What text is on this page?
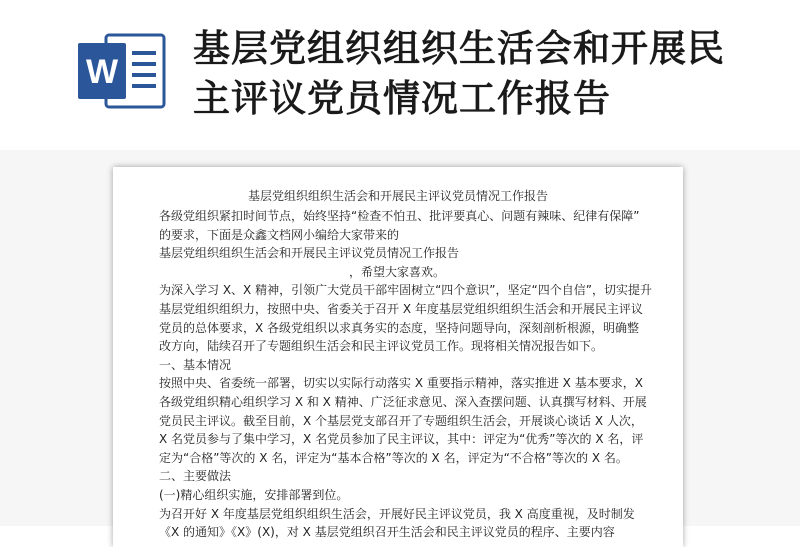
W
基层党组织组织生活会和开展民
主评议党员情况工作报告
基层党组织组织生活会和开展民主评议党员情况工作报告

各级党组织紧扣时间节点，始终坚持“检查不怕丑、批评要真心、问题有辣味、纪律有保障”

的要求，下面是众鑫文档网小编给大家带来的

基层党组织组织生活会和开展民主评议党员情况工作报告

，希望大家喜欢。

为深入学习 X、X 精神，引领广大党员干部牢固树立“四个意识”，坚定“四个自信”，切实提升

基层党组织组织力，按照中央、省委关于召开 X 年度基层党组织组织生活会和开展民主评议

党员的总体要求，X 各级党组织以求真务实的态度，坚持问题导向，深刻剖析根源，明确整

改方向，陆续召开了专题组织生活会和民主评议党员工作。现将相关情况报告如下。

一、基本情况

按照中央、省委统一部署，切实以实际行动落实 X 重要指示精神，落实推进 X 基本要求，X

各级党组织精心组织学习 X 和 X 精神、广泛征求意见、深入查摆问题、认真撰写材料、开展

党员民主评议。截至目前，X 个基层党支部召开了专题组织生活会，开展谈心谈话 X 人次，

X 名党员参与了集中学习，X 名党员参加了民主评议，其中：评定为“优秀”等次的 X 名，评

定为“合格”等次的 X 名，评定为“基本合格”等次的 X 名，评定为“不合格”等次的 X 名。

二、主要做法

(一)精心组织实施，安排部署到位。

为召开好 X 年度基层党组织组织生活会，开展好民主评议党员，我 X 高度重视，及时制发

《X 的通知》《X》(X)，对 X 基层党组织召开生活会和民主评议党员的程序、主要内容
